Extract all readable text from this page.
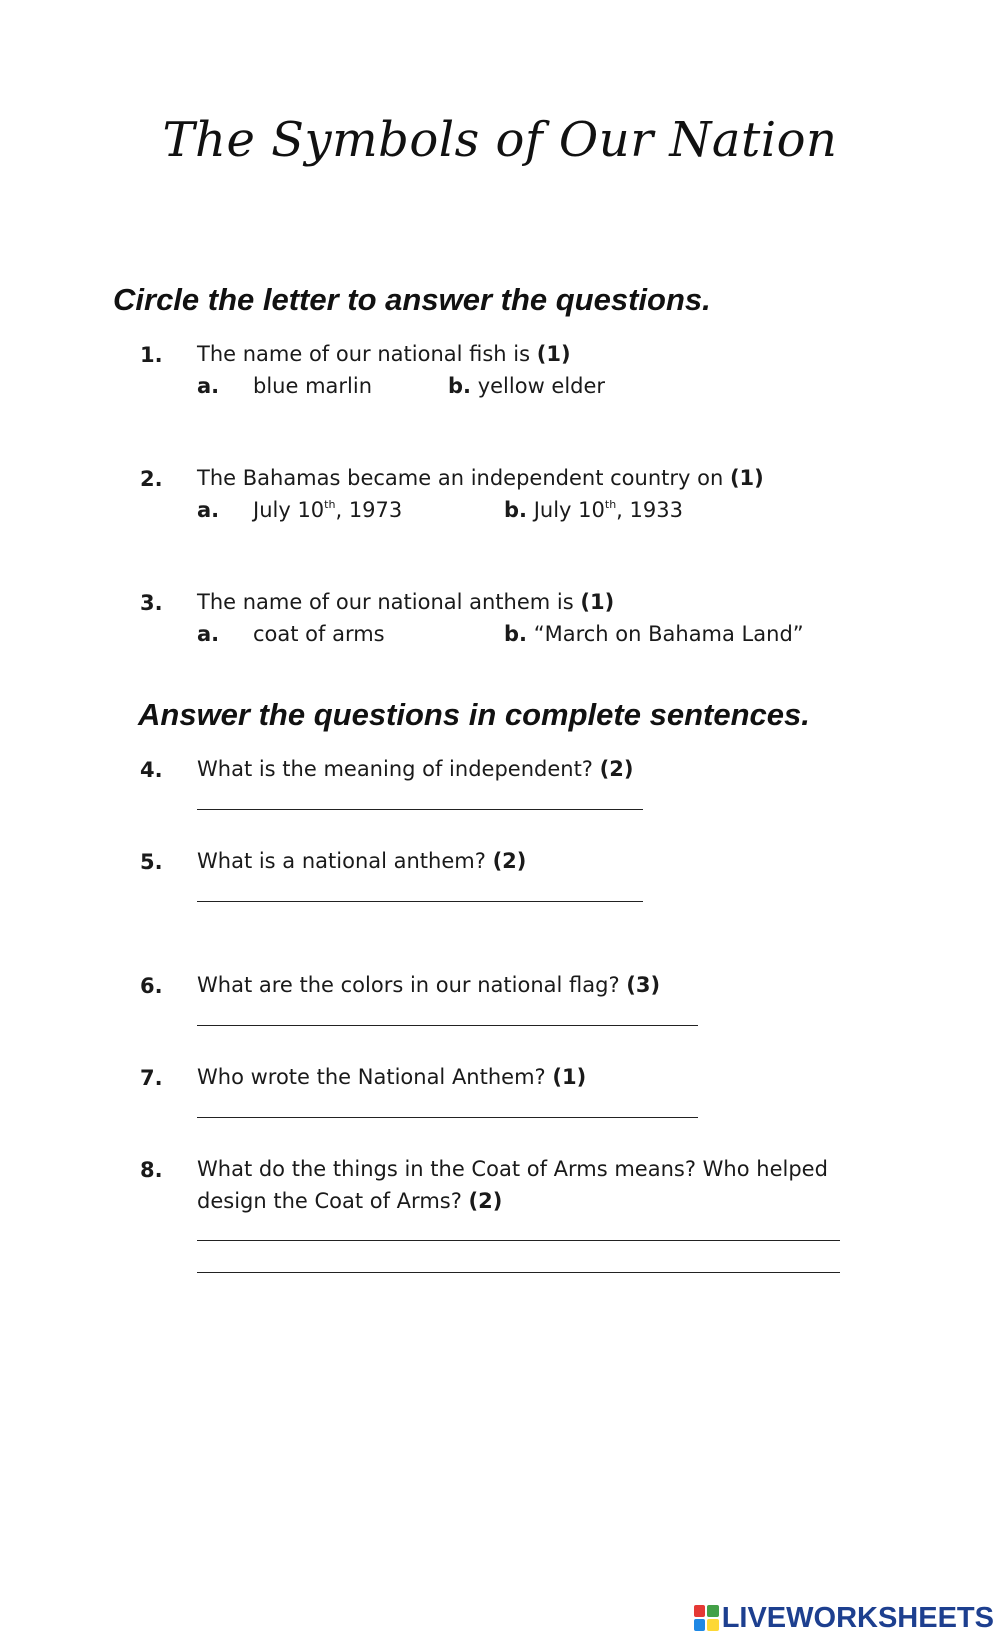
The Symbols of Our Nation
Circle the letter to answer the questions.
1. The name of our national fish is (1)
a. blue marlin	b. yellow elder
2. The Bahamas became an independent country on (1)
a. July 10th, 1973	b. July 10th, 1933
3. The name of our national anthem is (1)
a. coat of arms	b. “March on Bahama Land”
Answer the questions in complete sentences.
4. What is the meaning of independent? (2)
5. What is a national anthem? (2)
6. What are the colors in our national flag? (3)
7. Who wrote the National Anthem? (1)
8. What do the things in the Coat of Arms means? Who helped design the Coat of Arms? (2)
LIVEWORKSHEETS
